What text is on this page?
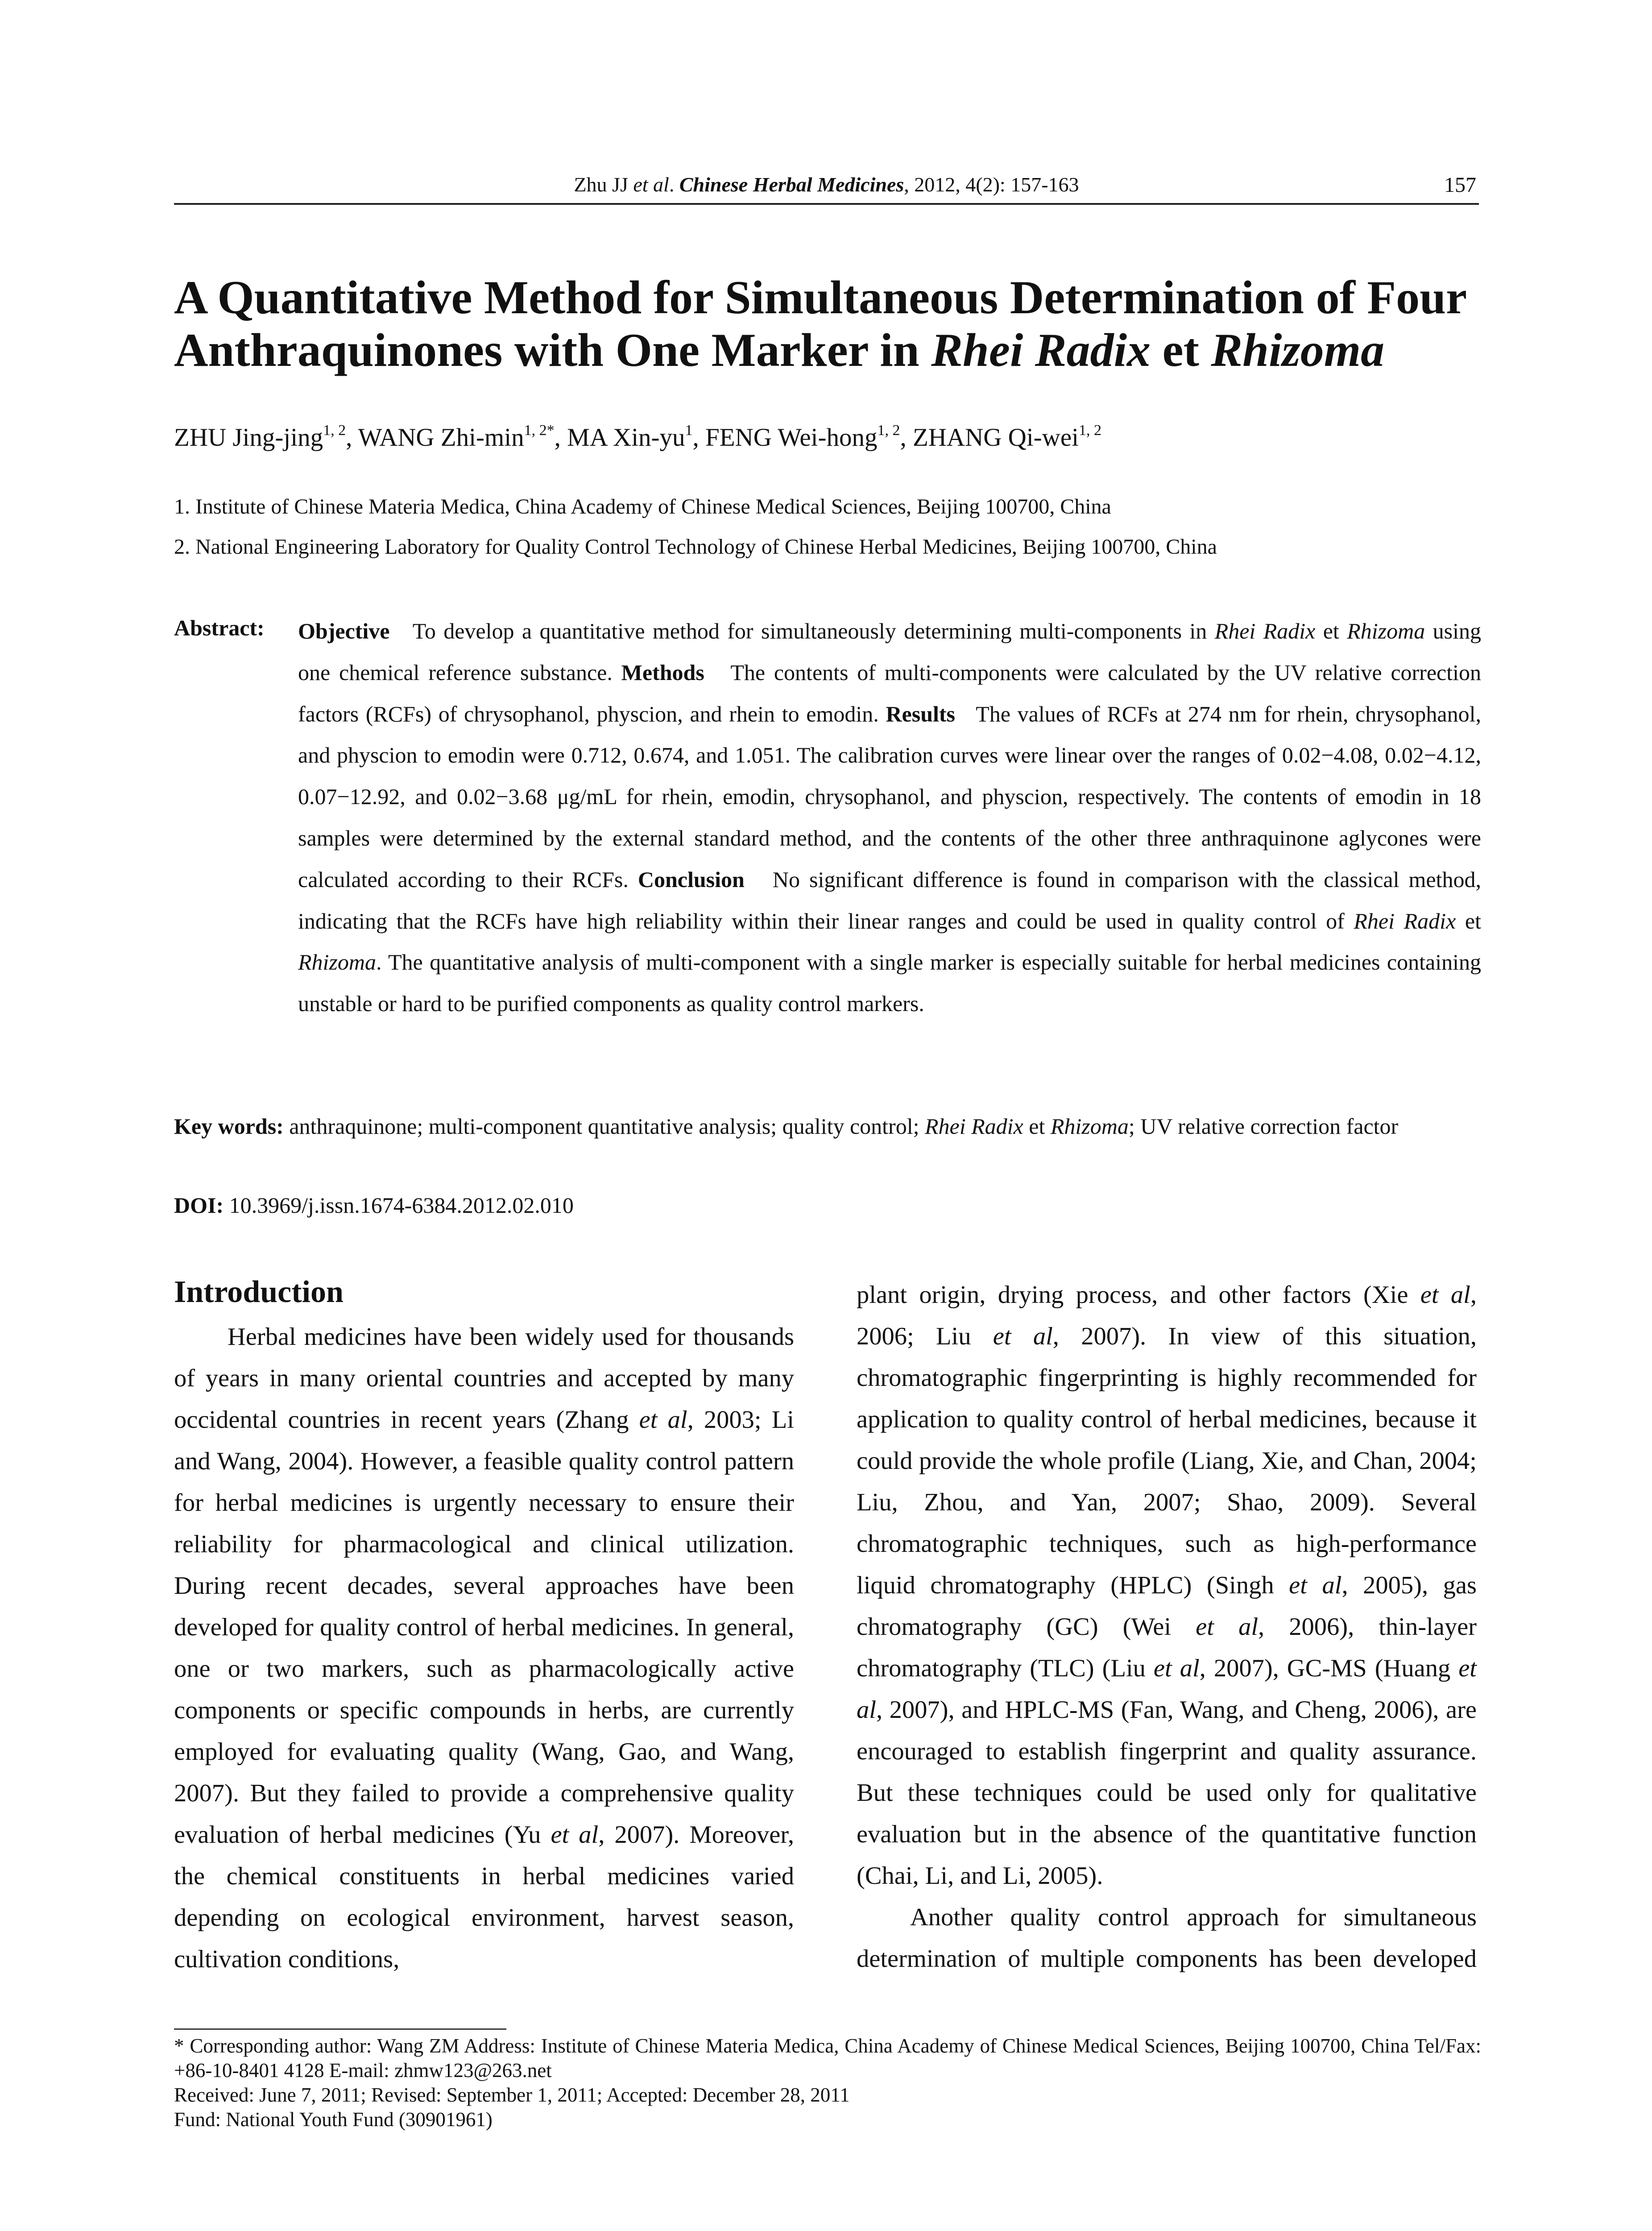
Zhu JJ et al. Chinese Herbal Medicines, 2012, 4(2): 157-163	157
A Quantitative Method for Simultaneous Determination of Four
Anthraquinones with One Marker in Rhei Radix et Rhizoma
ZHU Jing-jing$^{1, 2}$, WANG Zhi-$\min^{1, 2*}$, MA Xin-$yu^1$, FENG Wei-hong$^{1, 2}$, ZHANG Qi-wei$^{1, 2}$
1. Institute of Chinese Materia Medica, China Academy of Chinese Medical Sciences, Beijing 100700, China
2. National Engineering Laboratory for Quality Control Technology of Chinese Herbal Medicines, Beijing 100700, China
Abstract: Objective To develop a quantitative method for simultaneously determining multi-components in Rhei Radix et Rhizoma using one chemical reference substance. Methods The contents of multi-components were calculated by the UV relative correction factors (RCFs) of chrysophanol, physcion, and rhein to emodin. Results The values of RCFs at 274 nm for rhein, chrysophanol, and physcion to emodin were 0.712, 0.674, and 1.051. The calibration curves were linear over the ranges of 0.02−4.08, 0.02−4.12, 0.07−12.92, and 0.02−3.68 μg/mL for rhein, emodin, chrysophanol, and physcion, respectively. The contents of emodin in 18 samples were determined by the external standard method, and the contents of the other three anthraquinone aglycones were calculated according to their RCFs. Conclusion No significant difference is found in comparison with the classical method, indicating that the RCFs have high reliability within their linear ranges and could be used in quality control of Rhei Radix et Rhizoma. The quantitative analysis of multi-component with a single marker is especially suitable for herbal medicines containing unstable or hard to be purified components as quality control markers.
Key words: anthraquinone; multi-component quantitative analysis; quality control; Rhei Radix et Rhizoma; UV relative correction factor
DOI: 10.3969/j.issn.1674-6384.2012.02.010
Introduction

Herbal medicines have been widely used for thousands of years in many oriental countries and accepted by many occidental countries in recent years (Zhang et al, 2003; Li and Wang, 2004). However, a feasible quality control pattern for herbal medicines is urgently necessary to ensure their reliability for pharmacological and clinical utilization. During recent decades, several approaches have been developed for quality control of herbal medicines. In general, one or two markers, such as pharmacologically active components or specific compounds in herbs, are currently employed for evaluating quality (Wang, Gao, and Wang, 2007). But they failed to provide a comprehensive quality evaluation of herbal medicines (Yu et al, 2007). Moreover, the chemical constituents in herbal medicines varied depending on ecological environment, harvest season, cultivation conditions,

plant origin, drying process, and other factors (Xie et al, 2006; Liu et al, 2007). In view of this situation, chromatographic fingerprinting is highly recommended for application to quality control of herbal medicines, because it could provide the whole profile (Liang, Xie, and Chan, 2004; Liu, Zhou, and Yan, 2007; Shao, 2009). Several chromatographic techniques, such as high-performance liquid chromatography (HPLC) (Singh et al, 2005), gas chromatography (GC) (Wei et al, 2006), thin-layer chromatography (TLC) (Liu et al, 2007), GC-MS (Huang et al, 2007), and HPLC-MS (Fan, Wang, and Cheng, 2006), are encouraged to establish fingerprint and quality assurance. But these techniques could be used only for qualitative evaluation but in the absence of the quantitative function (Chai, Li, and Li, 2005).

Another quality control approach for simultaneous determination of multiple components has been developed

* Corresponding author: Wang ZM Address: Institute of Chinese Materia Medica, China Academy of Chinese Medical Sciences, Beijing 100700, China Tel/Fax: +86-10-8401 4128 E-mail: zhmw123@263.net
Received: June 7, 2011; Revised: September 1, 2011; Accepted: December 28, 2011
Fund: National Youth Fund (30901961)
